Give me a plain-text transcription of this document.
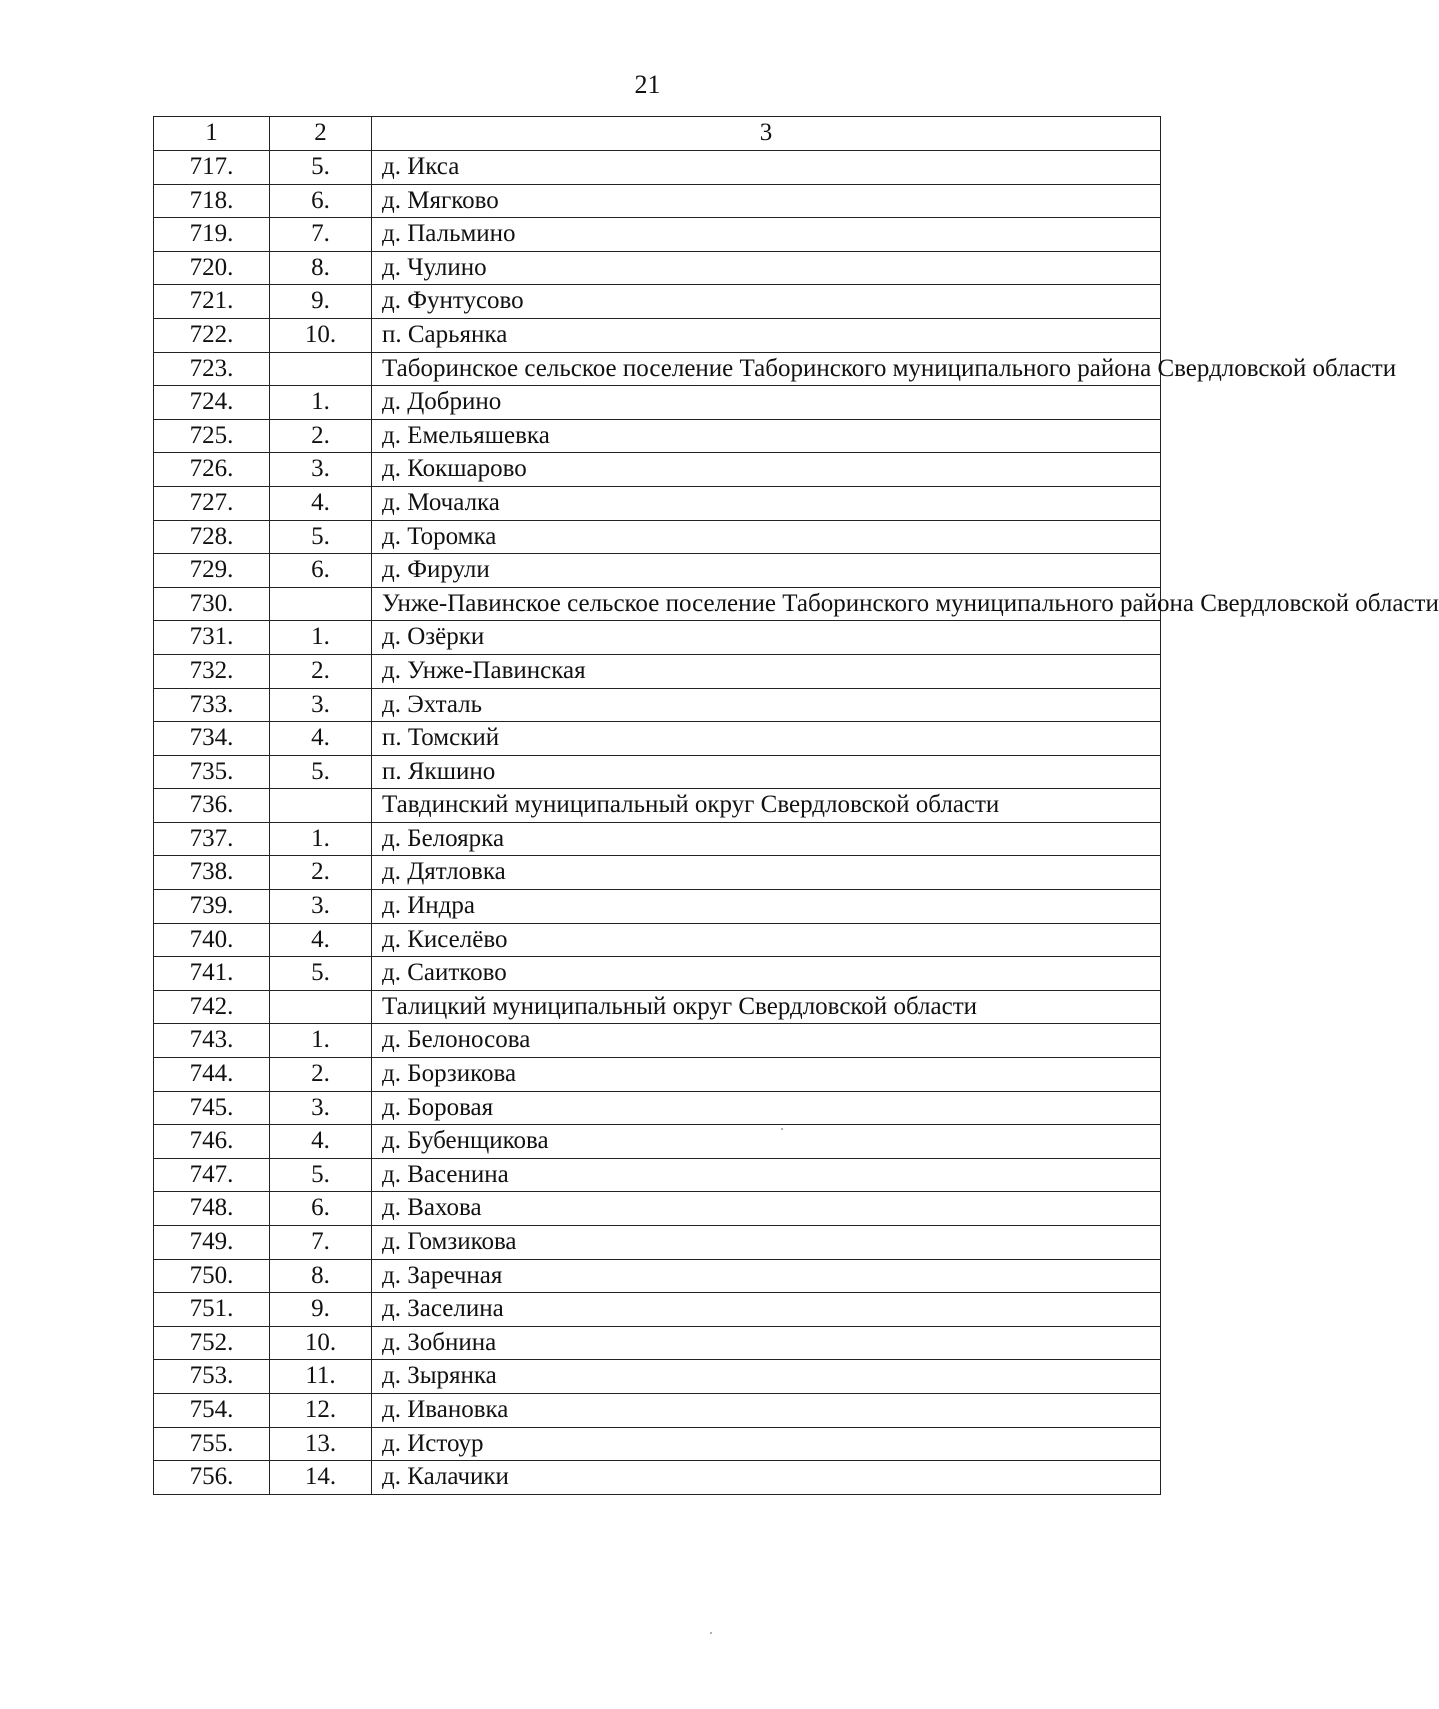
21
1	2	3
717.	5.	д. Икса
718.	6.	д. Мягково
719.	7.	д. Пальмино
720.	8.	д. Чулино
721.	9.	д. Фунтусово
722.	10.	п. Сарьянка
723.		Таборинское сельское поселение Таборинского муниципального района Свердловской области
724.	1.	д. Добрино
725.	2.	д. Емельяшевка
726.	3.	д. Кокшарово
727.	4.	д. Мочалка
728.	5.	д. Торомка
729.	6.	д. Фирули
730.		Унже-Павинское сельское поселение Таборинского муниципального района Свердловской области
731.	1.	д. Озёрки
732.	2.	д. Унже-Павинская
733.	3.	д. Эхталь
734.	4.	п. Томский
735.	5.	п. Якшино
736.		Тавдинский муниципальный округ Свердловской области
737.	1.	д. Белоярка
738.	2.	д. Дятловка
739.	3.	д. Индра
740.	4.	д. Киселёво
741.	5.	д. Саитково
742.		Талицкий муниципальный округ Свердловской области
743.	1.	д. Белоносова
744.	2.	д. Борзикова
745.	3.	д. Боровая
746.	4.	д. Бубенщикова
747.	5.	д. Васенина
748.	6.	д. Вахова
749.	7.	д. Гомзикова
750.	8.	д. Заречная
751.	9.	д. Заселина
752.	10.	д. Зобнина
753.	11.	д. Зырянка
754.	12.	д. Ивановка
755.	13.	д. Истоур
756.	14.	д. Калачики
